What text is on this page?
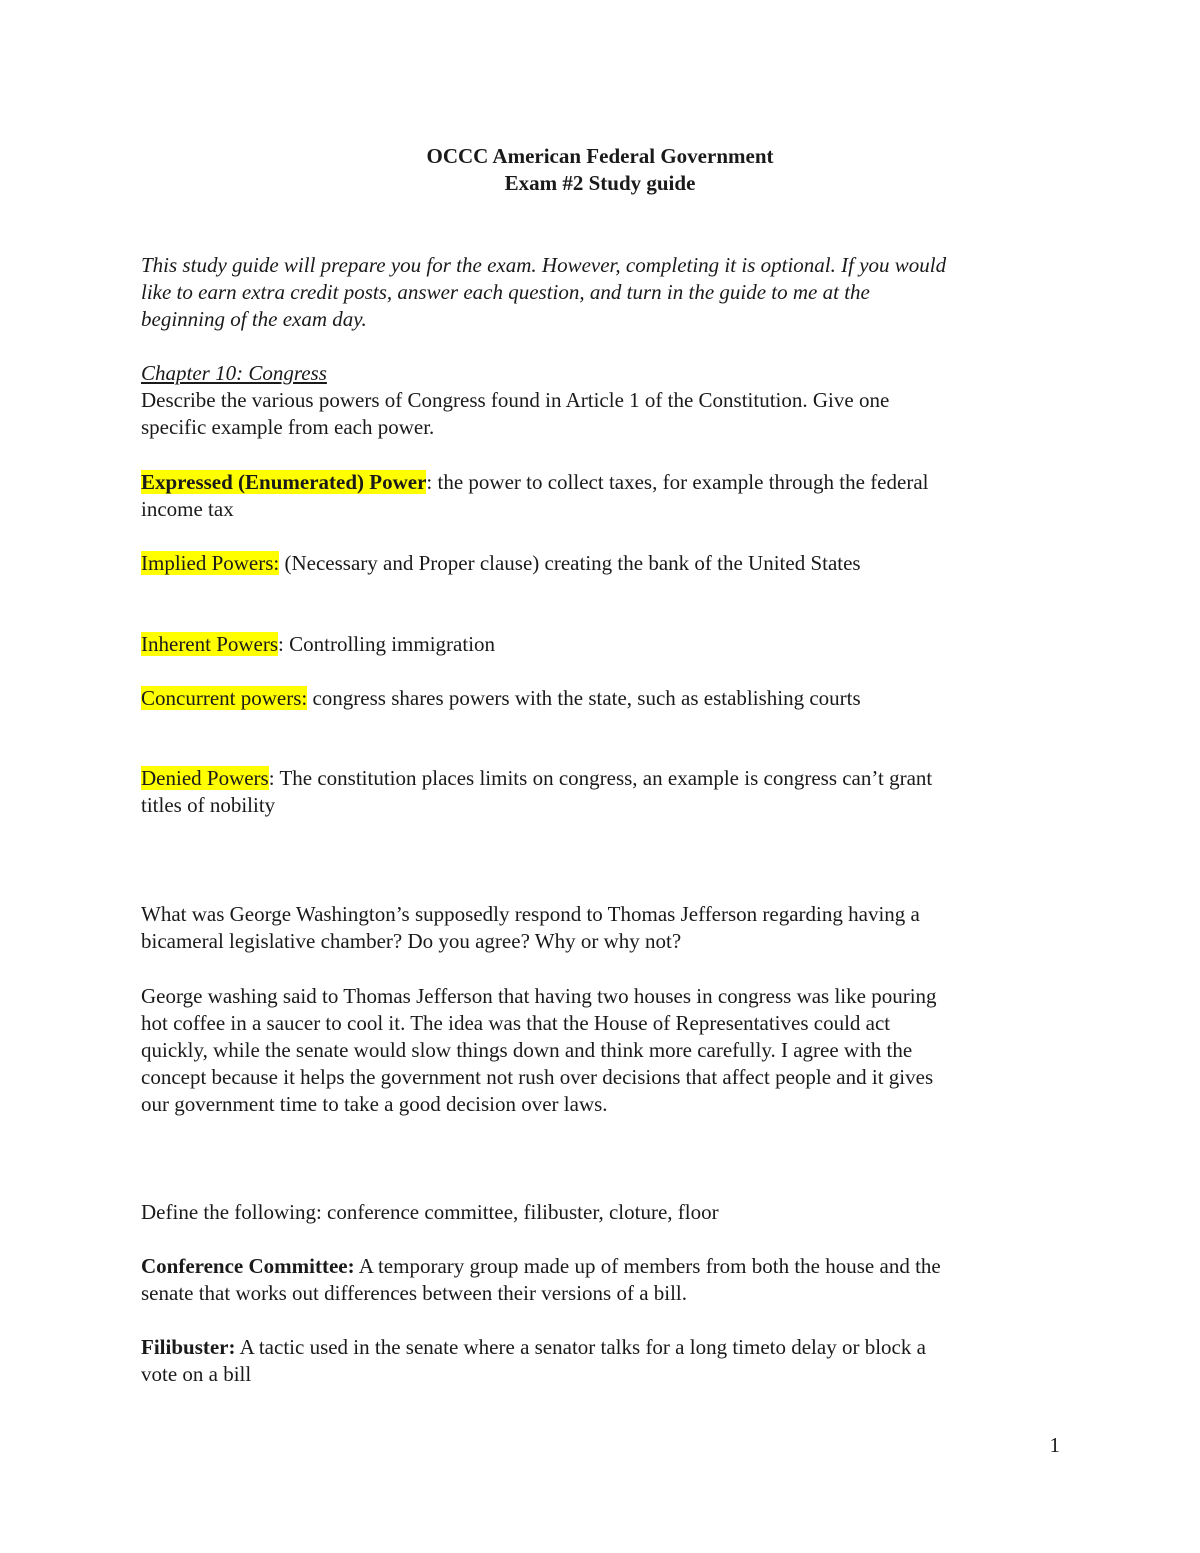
OCCC American Federal Government

Exam #2 Study guide

This study guide will prepare you for the exam. However, completing it is optional. If you would

like to earn extra credit posts, answer each question, and turn in the guide to me at the

beginning of the exam day.

Chapter 10: Congress

Describe the various powers of Congress found in Article 1 of the Constitution. Give one

specific example from each power.

Expressed (Enumerated) Power: the power to collect taxes, for example through the federal

income tax

Implied Powers: (Necessary and Proper clause) creating the bank of the United States

Inherent Powers: Controlling immigration

Concurrent powers: congress shares powers with the state, such as establishing courts

Denied Powers: The constitution places limits on congress, an example is congress can’t grant

titles of nobility

What was George Washington’s supposedly respond to Thomas Jefferson regarding having a

bicameral legislative chamber? Do you agree? Why or why not?

George washing said to Thomas Jefferson that having two houses in congress was like pouring

hot coffee in a saucer to cool it. The idea was that the House of Representatives could act

quickly, while the senate would slow things down and think more carefully. I agree with the

concept because it helps the government not rush over decisions that affect people and it gives

our government time to take a good decision over laws.

Define the following: conference committee, filibuster, cloture, floor

Conference Committee: A temporary group made up of members from both the house and the

senate that works out differences between their versions of a bill.

Filibuster: A tactic used in the senate where a senator talks for a long timeto delay or block a

vote on a bill

1
